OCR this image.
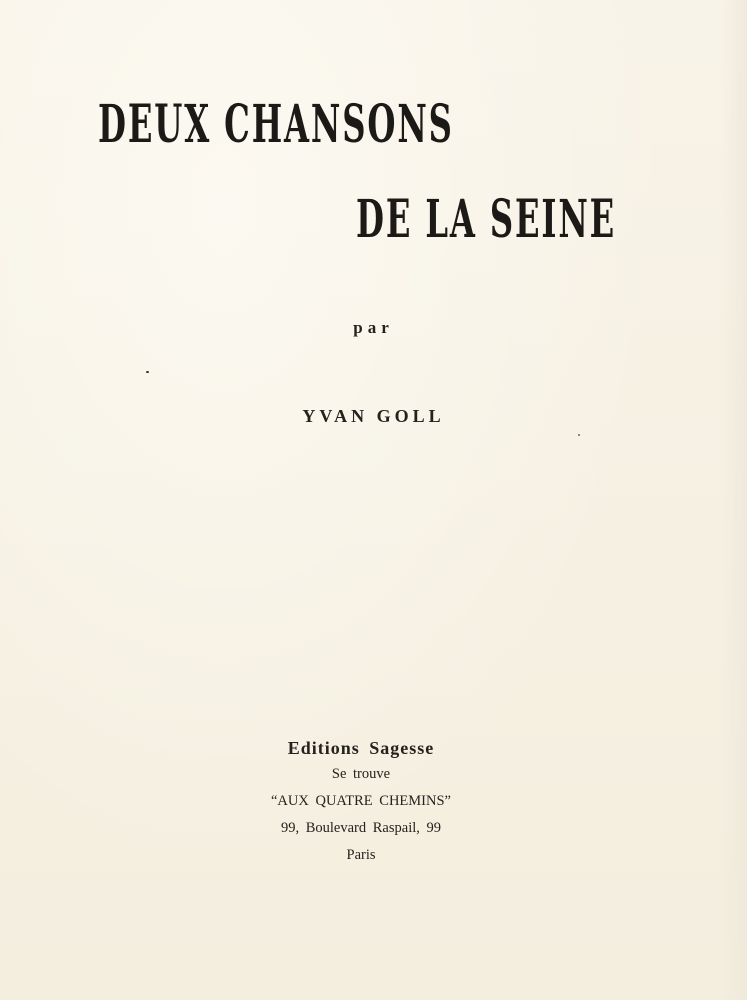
DEUX CHANSONS
DE LA SEINE
par
YVAN GOLL
Editions Sagesse
Se trouve
“AUX QUATRE CHEMINS”
99, Boulevard Raspail, 99
Paris
